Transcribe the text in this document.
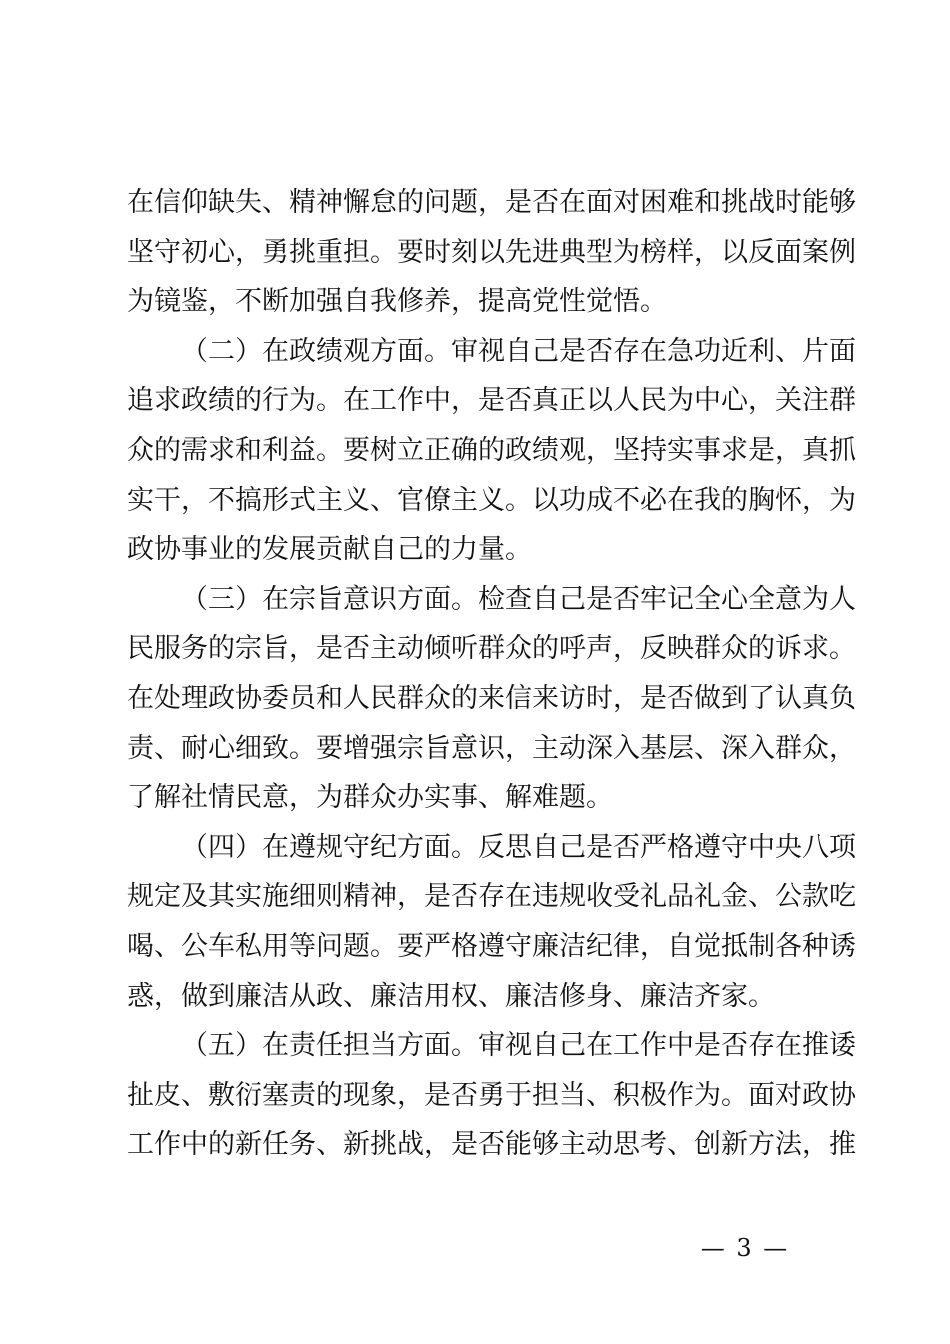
在信仰缺失、精神懈怠的问题，是否在面对困难和挑战时能够
坚守初心，勇挑重担。要时刻以先进典型为榜样，以反面案例
为镜鉴，不断加强自我修养，提高党性觉悟。
（二）在政绩观方面。审视自己是否存在急功近利、片面
追求政绩的行为。在工作中，是否真正以人民为中心，关注群
众的需求和利益。要树立正确的政绩观，坚持实事求是，真抓
实干，不搞形式主义、官僚主义。以功成不必在我的胸怀，为
政协事业的发展贡献自己的力量。
（三）在宗旨意识方面。检查自己是否牢记全心全意为人
民服务的宗旨，是否主动倾听群众的呼声，反映群众的诉求。
在处理政协委员和人民群众的来信来访时，是否做到了认真负
责、耐心细致。要增强宗旨意识，主动深入基层、深入群众，
了解社情民意，为群众办实事、解难题。
（四）在遵规守纪方面。反思自己是否严格遵守中央八项
规定及其实施细则精神，是否存在违规收受礼品礼金、公款吃
喝、公车私用等问题。要严格遵守廉洁纪律，自觉抵制各种诱
惑，做到廉洁从政、廉洁用权、廉洁修身、廉洁齐家。
（五）在责任担当方面。审视自己在工作中是否存在推诿
扯皮、敷衍塞责的现象，是否勇于担当、积极作为。面对政协
工作中的新任务、新挑战，是否能够主动思考、创新方法，推
— 3 —
